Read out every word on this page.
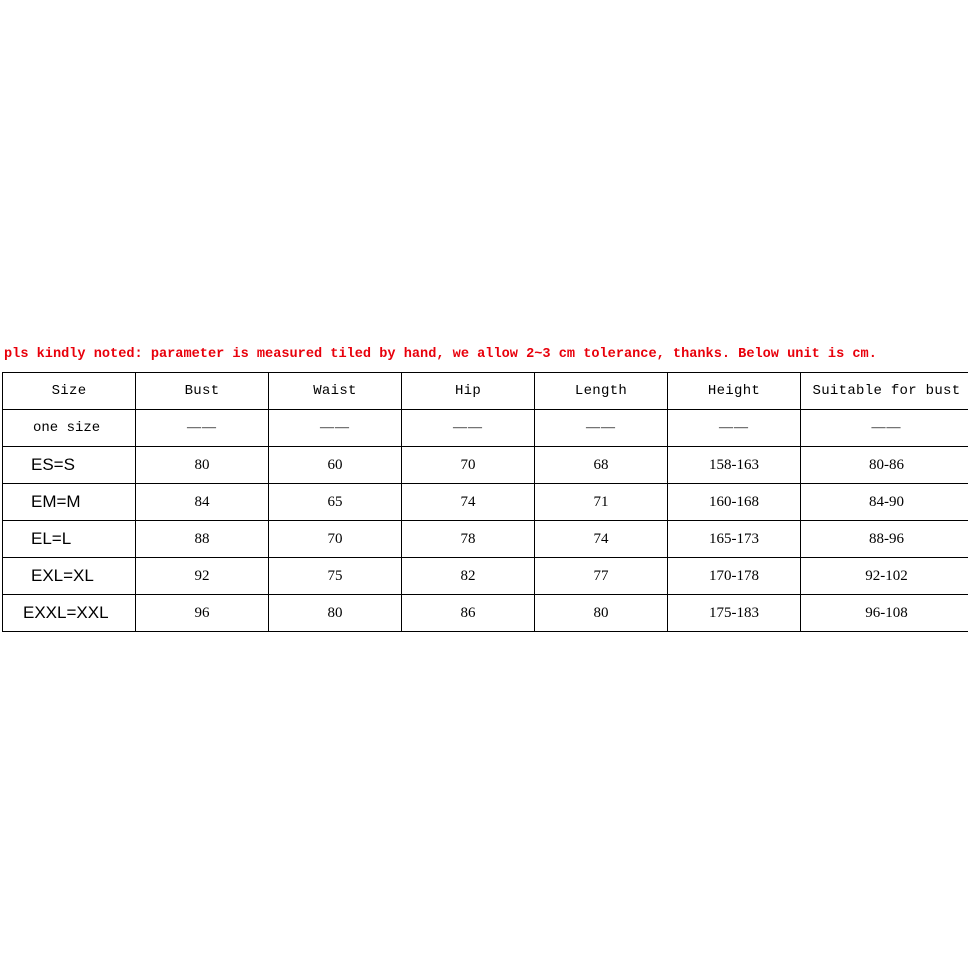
pls kindly noted: parameter is measured tiled by hand, we allow 2~3 cm tolerance, thanks. Below unit is cm.
Size	Bust	Waist	Hip	Length	Height	Suitable for bust
one size	——	——	——	——	——	——
ES=S	80	60	70	68	158-163	80-86
EM=M	84	65	74	71	160-168	84-90
EL=L	88	70	78	74	165-173	88-96
EXL=XL	92	75	82	77	170-178	92-102
EXXL=XXL	96	80	86	80	175-183	96-108
